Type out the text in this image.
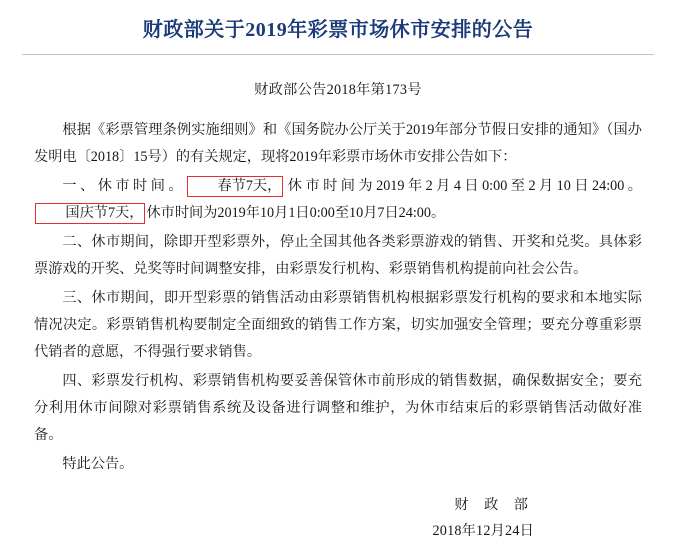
财政部关于2019年彩票市场休市安排的公告
财政部公告2018年第173号

根据《彩票管理条例实施细则》和《国务院办公厅关于2019年部分节假日安排的通知》（国办发明电〔2018〕15号）的有关规定，现将2019年彩票市场休市安排公告如下：

一、休市时间。 春节7天， 休市时间为2019年2月4日0:00至2月10日24:00。国庆节7天， 休市时间为2019年10月1日0:00至10月7日24:00。

二、休市期间，除即开型彩票外，停止全国其他各类彩票游戏的销售、开奖和兑奖。具体彩票游戏的开奖、兑奖等时间调整安排，由彩票发行机构、彩票销售机构提前向社会公告。

三、休市期间，即开型彩票的销售活动由彩票销售机构根据彩票发行机构的要求和本地实际情况决定。彩票销售机构要制定全面细致的销售工作方案，切实加强安全管理；要充分尊重彩票代销者的意愿，不得强行要求销售。

四、彩票发行机构、彩票销售机构要妥善保管休市前形成的销售数据，确保数据安全；要充分利用休市间隙对彩票销售系统及设备进行调整和维护，为休市结束后的彩票销售活动做好准备。

特此公告。

财 政 部
2018年12月24日
